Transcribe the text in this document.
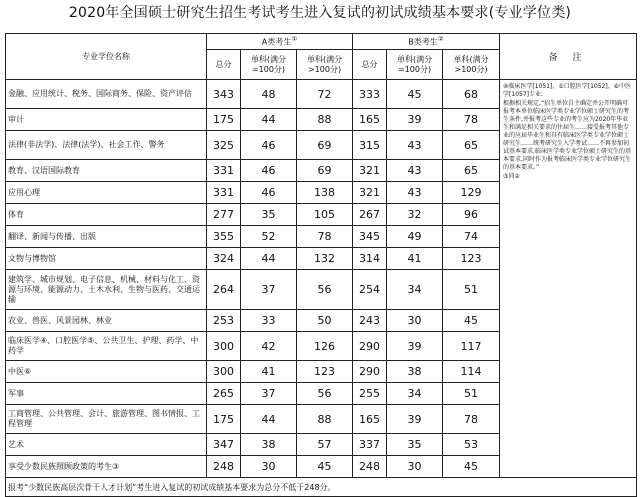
2020年全国硕士研究生招生考试考生进入复试的初试成绩基本要求(专业学位类)
专业学位名称	A类考生①			B类考生②			备 注
	总分	单科(满分=100分)	单科(满分>100分)	总分	单科(满分=100分)	单科(满分>100分)	
金融、应用统计、税务、国际商务、保险、资产评估	343	48	72	333	45	68	④临床医学[1051]、⑤口腔医学[1052]、⑥中医学[1057]专业:

根据相关规定,“招生单位自主确定并公开明确可报考本单位临床医学类专业学位硕士研究生的考生条件,并报考这些专业的考生应为2020年毕业生和满足相关要求的往届生……接受报考其他专业的应届毕业生和具有临床医学类专业学位硕士研究生……统考研究生入学考试……不再参加初试基本要求,临床医学类专业学位硕士研究生的基本要求,同时作为报考临床医学类专业学位研究生的基本要求。”

③同②

审计	175	44	88	165	39	78	
法律(非法学)、法律(法学)、社会工作、警务	325	46	69	315	43	65	
教育、汉语国际教育	331	46	69	321	43	65	
应用心理	331	46	138	321	43	129	
体育	277	35	105	267	32	96	
翻译、新闻与传播、出版	355	52	78	345	49	74	
文物与博物馆	324	44	132	314	41	123	
建筑学、城市规划、电子信息、机械、材料与化工、资源与环境、能源动力、土木水利、生物与医药、交通运输	264	37	56	254	34	51	
农业、兽医、风景园林、林业	253	33	50	243	30	45	
临床医学④、口腔医学⑤、公共卫生、护理、药学、中药学	300	42	126	290	39	117	
中医⑥	300	41	123	290	38	114	
军事	265	37	56	255	34	51	
工商管理、公共管理、会计、旅游管理、图书情报、工程管理	175	44	88	165	39	78	
艺术	347	38	57	337	35	53	
享受少数民族照顾政策的考生③	248	30	45	248	30	45	
报考“少数民族高层次骨干人才计划”考生进入复试的初试成绩基本要求为总分不低于248分。							
